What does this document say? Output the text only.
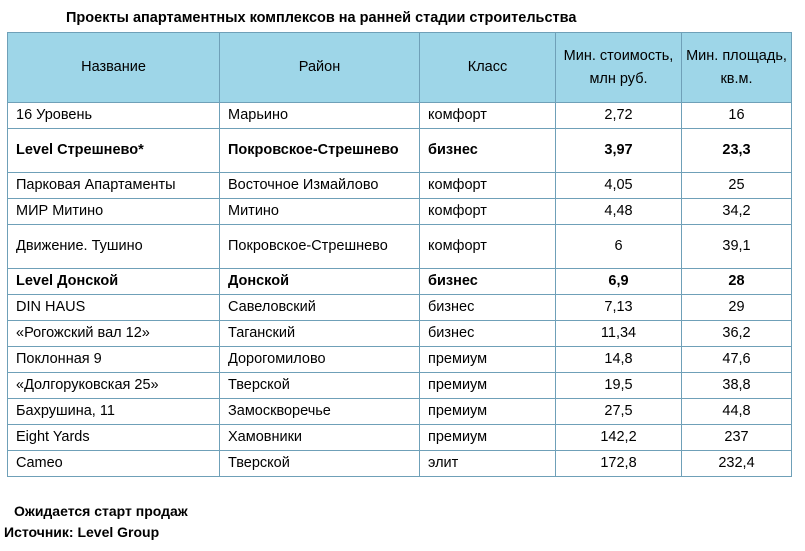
Проекты апартаментных комплексов на ранней стадии строительства
Название	Район	Класс	Мин. стоимость, млн руб.	Мин. площадь, кв.м.
16 Уровень	Марьино	комфорт	2,72	16
Level Стрешнево*	Покровское-Стрешнево	бизнес	3,97	23,3
Парковая Апартаменты	Восточное Измайлово	комфорт	4,05	25
МИР Митино	Митино	комфорт	4,48	34,2
Движение. Тушино	Покровское-Стрешнево	комфорт	6	39,1
Level Донской	Донской	бизнес	6,9	28
DIN HAUS	Савеловский	бизнес	7,13	29
«Рогожский вал 12»	Таганский	бизнес	11,34	36,2
Поклонная 9	Дорогомилово	премиум	14,8	47,6
«Долгоруковская 25»	Тверской	премиум	19,5	38,8
Бахрушина, 11	Замоскворечье	премиум	27,5	44,8
Eight Yards	Хамовники	премиум	142,2	237
Cameo	Тверской	элит	172,8	232,4
Ожидается старт продаж
Источник: Level Group
